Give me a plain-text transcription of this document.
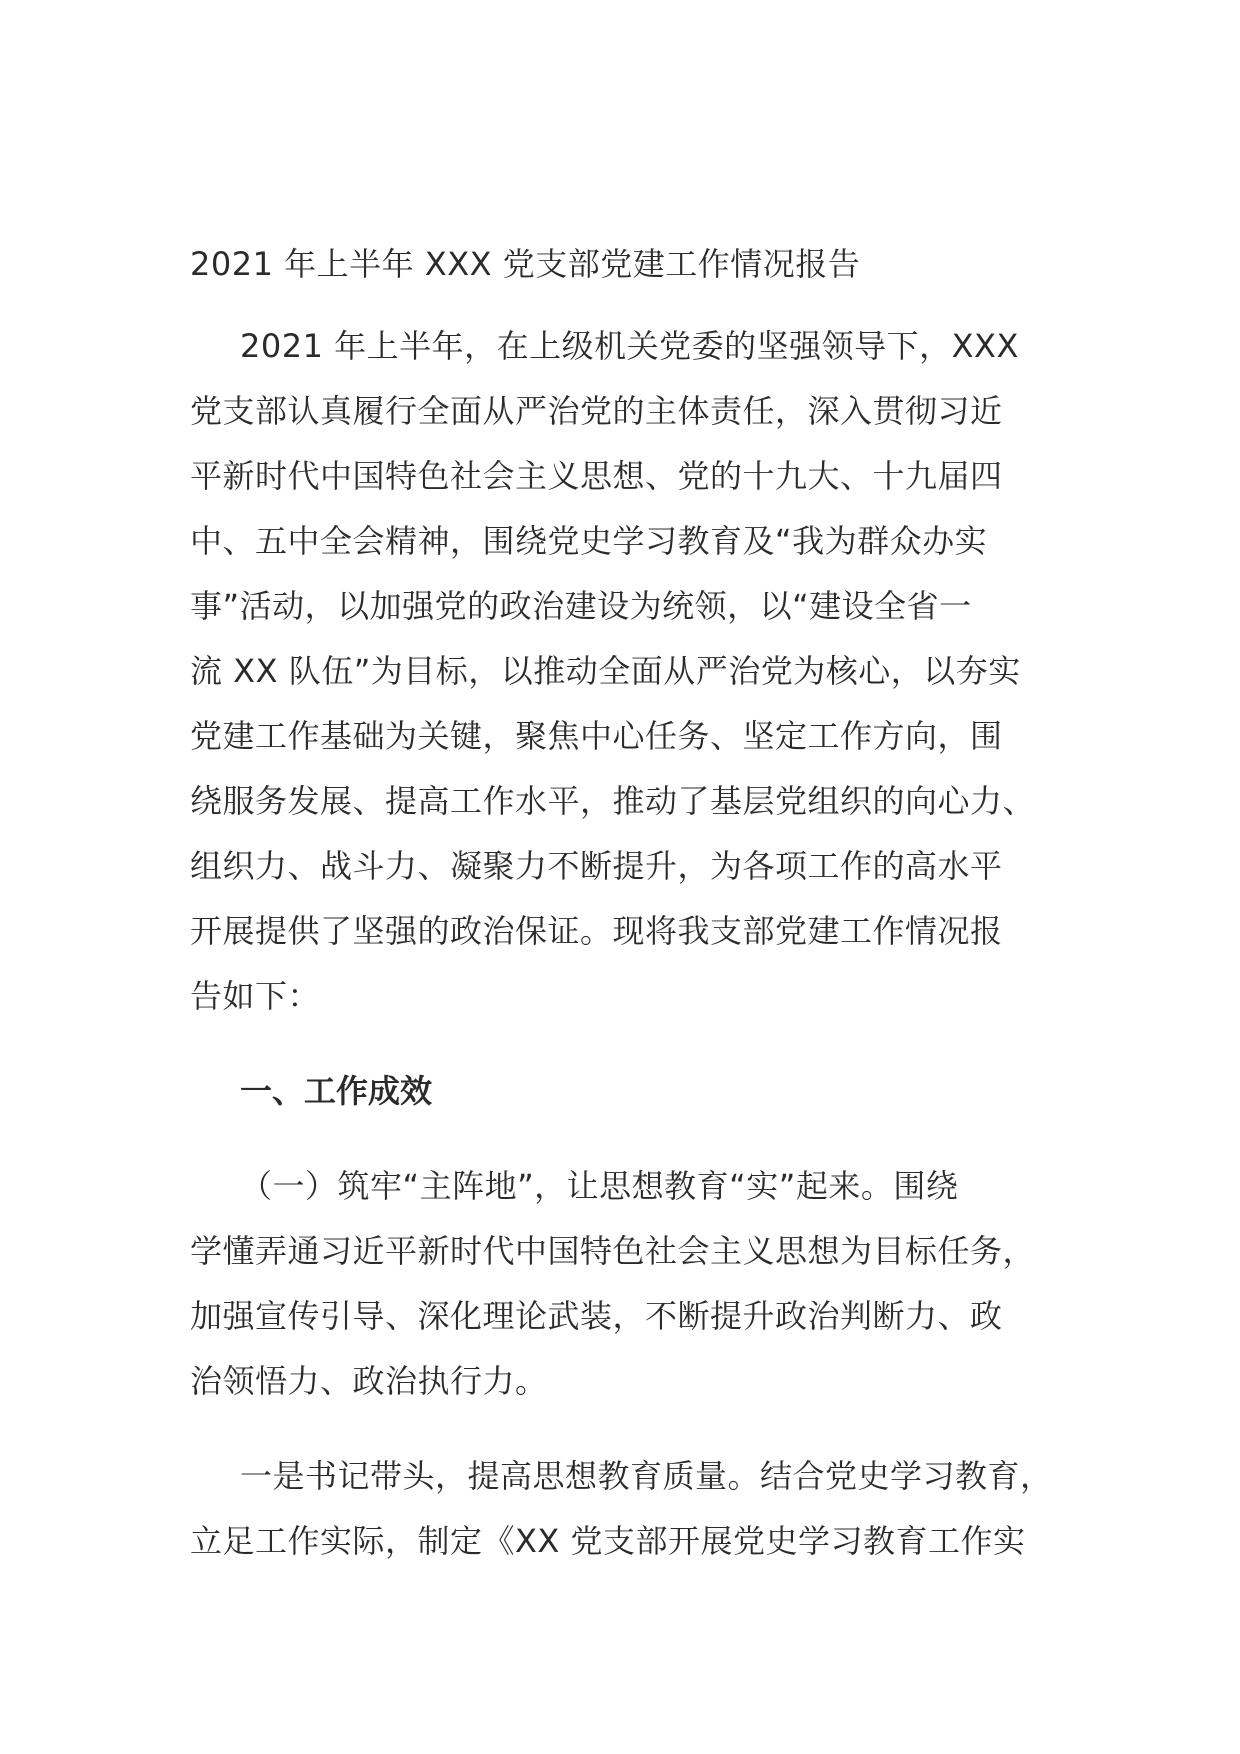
2021 年上半年 XXX 党支部党建工作情况报告
2021 年上半年，在上级机关党委的坚强领导下，XXX
党支部认真履行全面从严治党的主体责任，深入贯彻习近
平新时代中国特色社会主义思想、党的十九大、十九届四
中、五中全会精神，围绕党史学习教育及“我为群众办实
事”活动，以加强党的政治建设为统领，以“建设全省一
流 XX 队伍”为目标，以推动全面从严治党为核心，以夯实
党建工作基础为关键，聚焦中心任务、坚定工作方向，围
绕服务发展、提高工作水平，推动了基层党组织的向心力、
组织力、战斗力、凝聚力不断提升，为各项工作的高水平
开展提供了坚强的政治保证。现将我支部党建工作情况报
告如下：
一、工作成效
（一）筑牢“主阵地”，让思想教育“实”起来。围绕
学懂弄通习近平新时代中国特色社会主义思想为目标任务，
加强宣传引导、深化理论武装，不断提升政治判断力、政
治领悟力、政治执行力。
一是书记带头，提高思想教育质量。结合党史学习教育，
立足工作实际，制定《XX 党支部开展党史学习教育工作实
